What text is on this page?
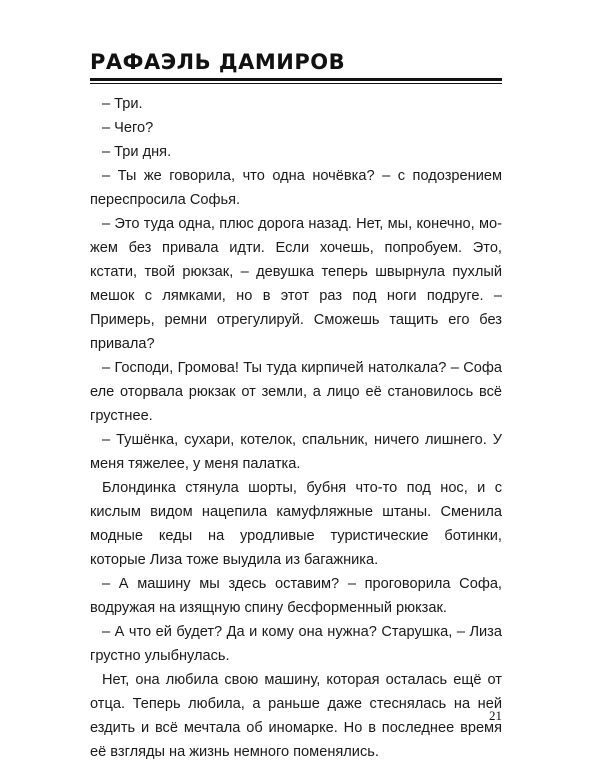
РАФАЭЛЬ ДАМИРОВ

– Три.

– Чего?

– Три дня.

– Ты же говорила, что одна ночёвка? – с подозрением переспросила Софья.

– Это туда одна, плюс дорога назад. Нет, мы, конечно, можем без привала идти. Если хочешь, попробуем. Это, кстати, твой рюкзак, – девушка теперь швырнула пухлый мешок с лямками, но в этот раз под ноги подруге. – Примерь, ремни отрегулируй. Сможешь тащить его без привала?

– Господи, Громова! Ты туда кирпичей натолкала? – Софа еле оторвала рюкзак от земли, а лицо её становилось всё грустнее.

– Тушёнка, сухари, котелок, спальник, ничего лишнего. У меня тяжелее, у меня палатка.

Блондинка стянула шорты, бубня что-то под нос, и с кислым видом нацепила камуфляжные штаны. Сменила модные кеды на уродливые туристические ботинки, которые Лиза тоже выудила из багажника.

– А машину мы здесь оставим? – проговорила Софа, водружая на изящную спину бесформенный рюкзак.

– А что ей будет? Да и кому она нужна? Старушка, – Лиза грустно улыбнулась.

Нет, она любила свою машину, которая осталась ещё от отца. Теперь любила, а раньше даже стеснялась на ней ездить и всё мечтала об иномарке. Но в последнее время её взгляды на жизнь немного поменялись.

21
